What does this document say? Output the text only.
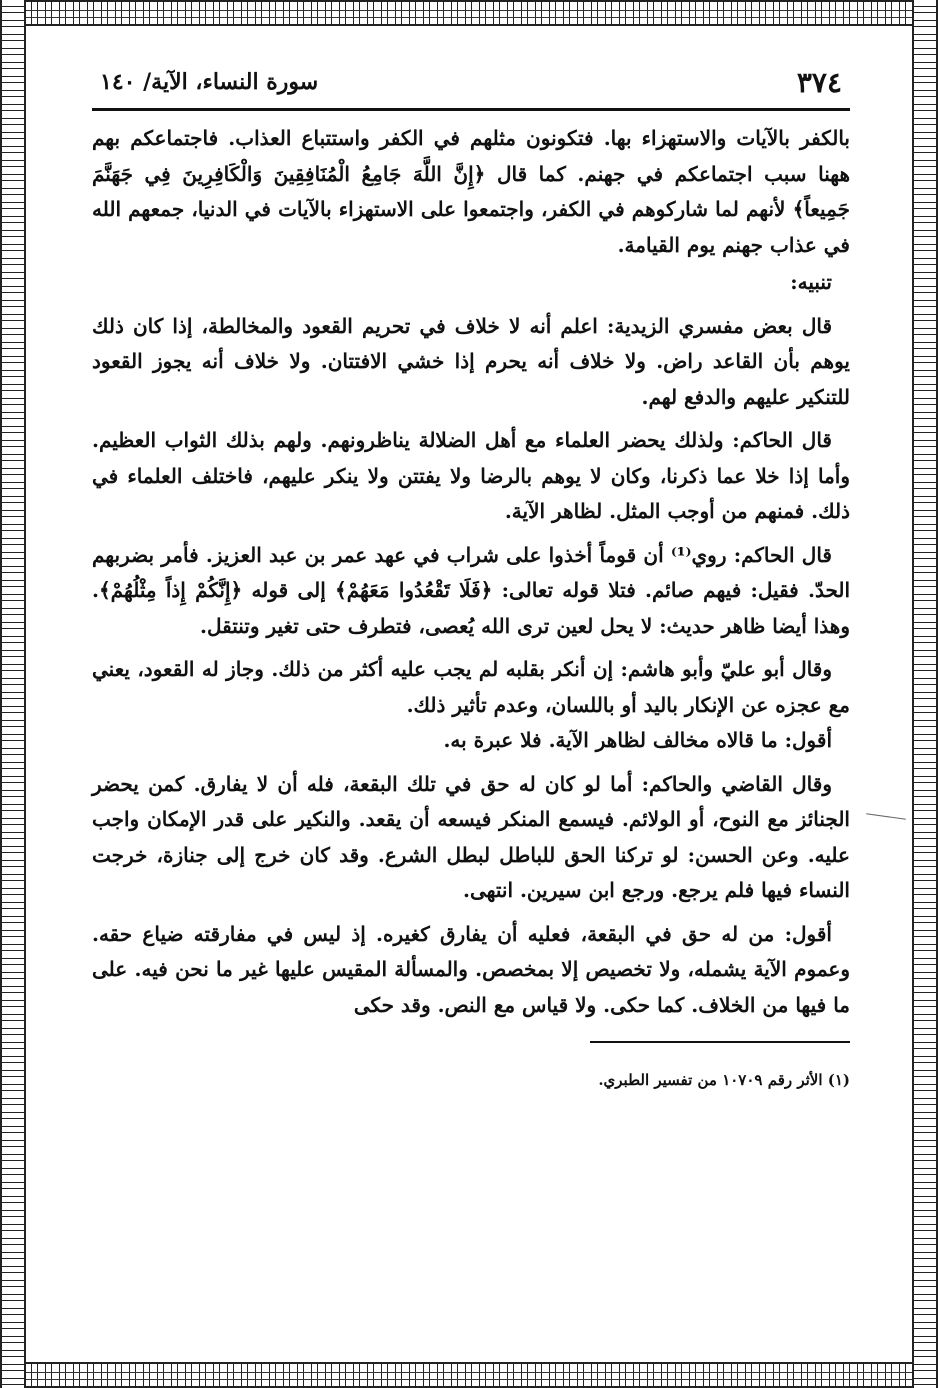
٣٧٤
سورة النساء، الآية/ ١٤٠

بالكفر بالآيات والاستهزاء بها. فتكونون مثلهم في الكفر واستتباع العذاب. فاجتماعكم بهم ههنا سبب اجتماعكم في جهنم. كما قال ﴿إِنَّ اللَّهَ جَامِعُ الْمُنَافِقِينَ وَالْكَافِرِينَ فِي جَهَنَّمَ جَمِيعاً﴾ لأنهم لما شاركوهم في الكفر، واجتمعوا على الاستهزاء بالآيات في الدنيا، جمعهم الله في عذاب جهنم يوم القيامة.

تنبيه:

قال بعض مفسري الزيدية: اعلم أنه لا خلاف في تحريم القعود والمخالطة، إذا كان ذلك يوهم بأن القاعد راض. ولا خلاف أنه يحرم إذا خشي الافتتان. ولا خلاف أنه يجوز القعود للتنكير عليهم والدفع لهم.

قال الحاكم: ولذلك يحضر العلماء مع أهل الضلالة يناظرونهم. ولهم بذلك الثواب العظيم. وأما إذا خلا عما ذكرنا، وكان لا يوهم بالرضا ولا يفتتن ولا ينكر عليهم، فاختلف العلماء في ذلك. فمنهم من أوجب المثل. لظاهر الآية.

قال الحاكم: روي⁽¹⁾ أن قوماً أخذوا على شراب في عهد عمر بن عبد العزيز. فأمر بضربهم الحدّ. فقيل: فيهم صائم. فتلا قوله تعالى: ﴿فَلَا تَقْعُدُوا مَعَهُمْ﴾ إلى قوله ﴿إِنَّكُمْ إِذاً مِثْلُهُمْ﴾. وهذا أيضا ظاهر حديث: لا يحل لعين ترى الله يُعصى، فتطرف حتى تغير وتنتقل.

وقال أبو عليّ وأبو هاشم: إن أنكر بقلبه لم يجب عليه أكثر من ذلك. وجاز له القعود، يعني مع عجزه عن الإنكار باليد أو باللسان، وعدم تأثير ذلك.

أقول: ما قالاه مخالف لظاهر الآية. فلا عبرة به.

وقال القاضي والحاكم: أما لو كان له حق في تلك البقعة، فله أن لا يفارق. كمن يحضر الجنائز مع النوح، أو الولائم. فيسمع المنكر فيسعه أن يقعد. والنكير على قدر الإمكان واجب عليه. وعن الحسن: لو تركنا الحق للباطل لبطل الشرع. وقد كان خرج إلى جنازة، خرجت النساء فيها فلم يرجع. ورجع ابن سيرين. انتهى.

أقول: من له حق في البقعة، فعليه أن يفارق كغيره. إذ ليس في مفارقته ضياع حقه. وعموم الآية يشمله، ولا تخصيص إلا بمخصص. والمسألة المقيس عليها غير ما نحن فيه. على ما فيها من الخلاف. كما حكى. ولا قياس مع النص. وقد حكى

(١) الأثر رقم ١٠٧٠٩ من تفسير الطبري.
